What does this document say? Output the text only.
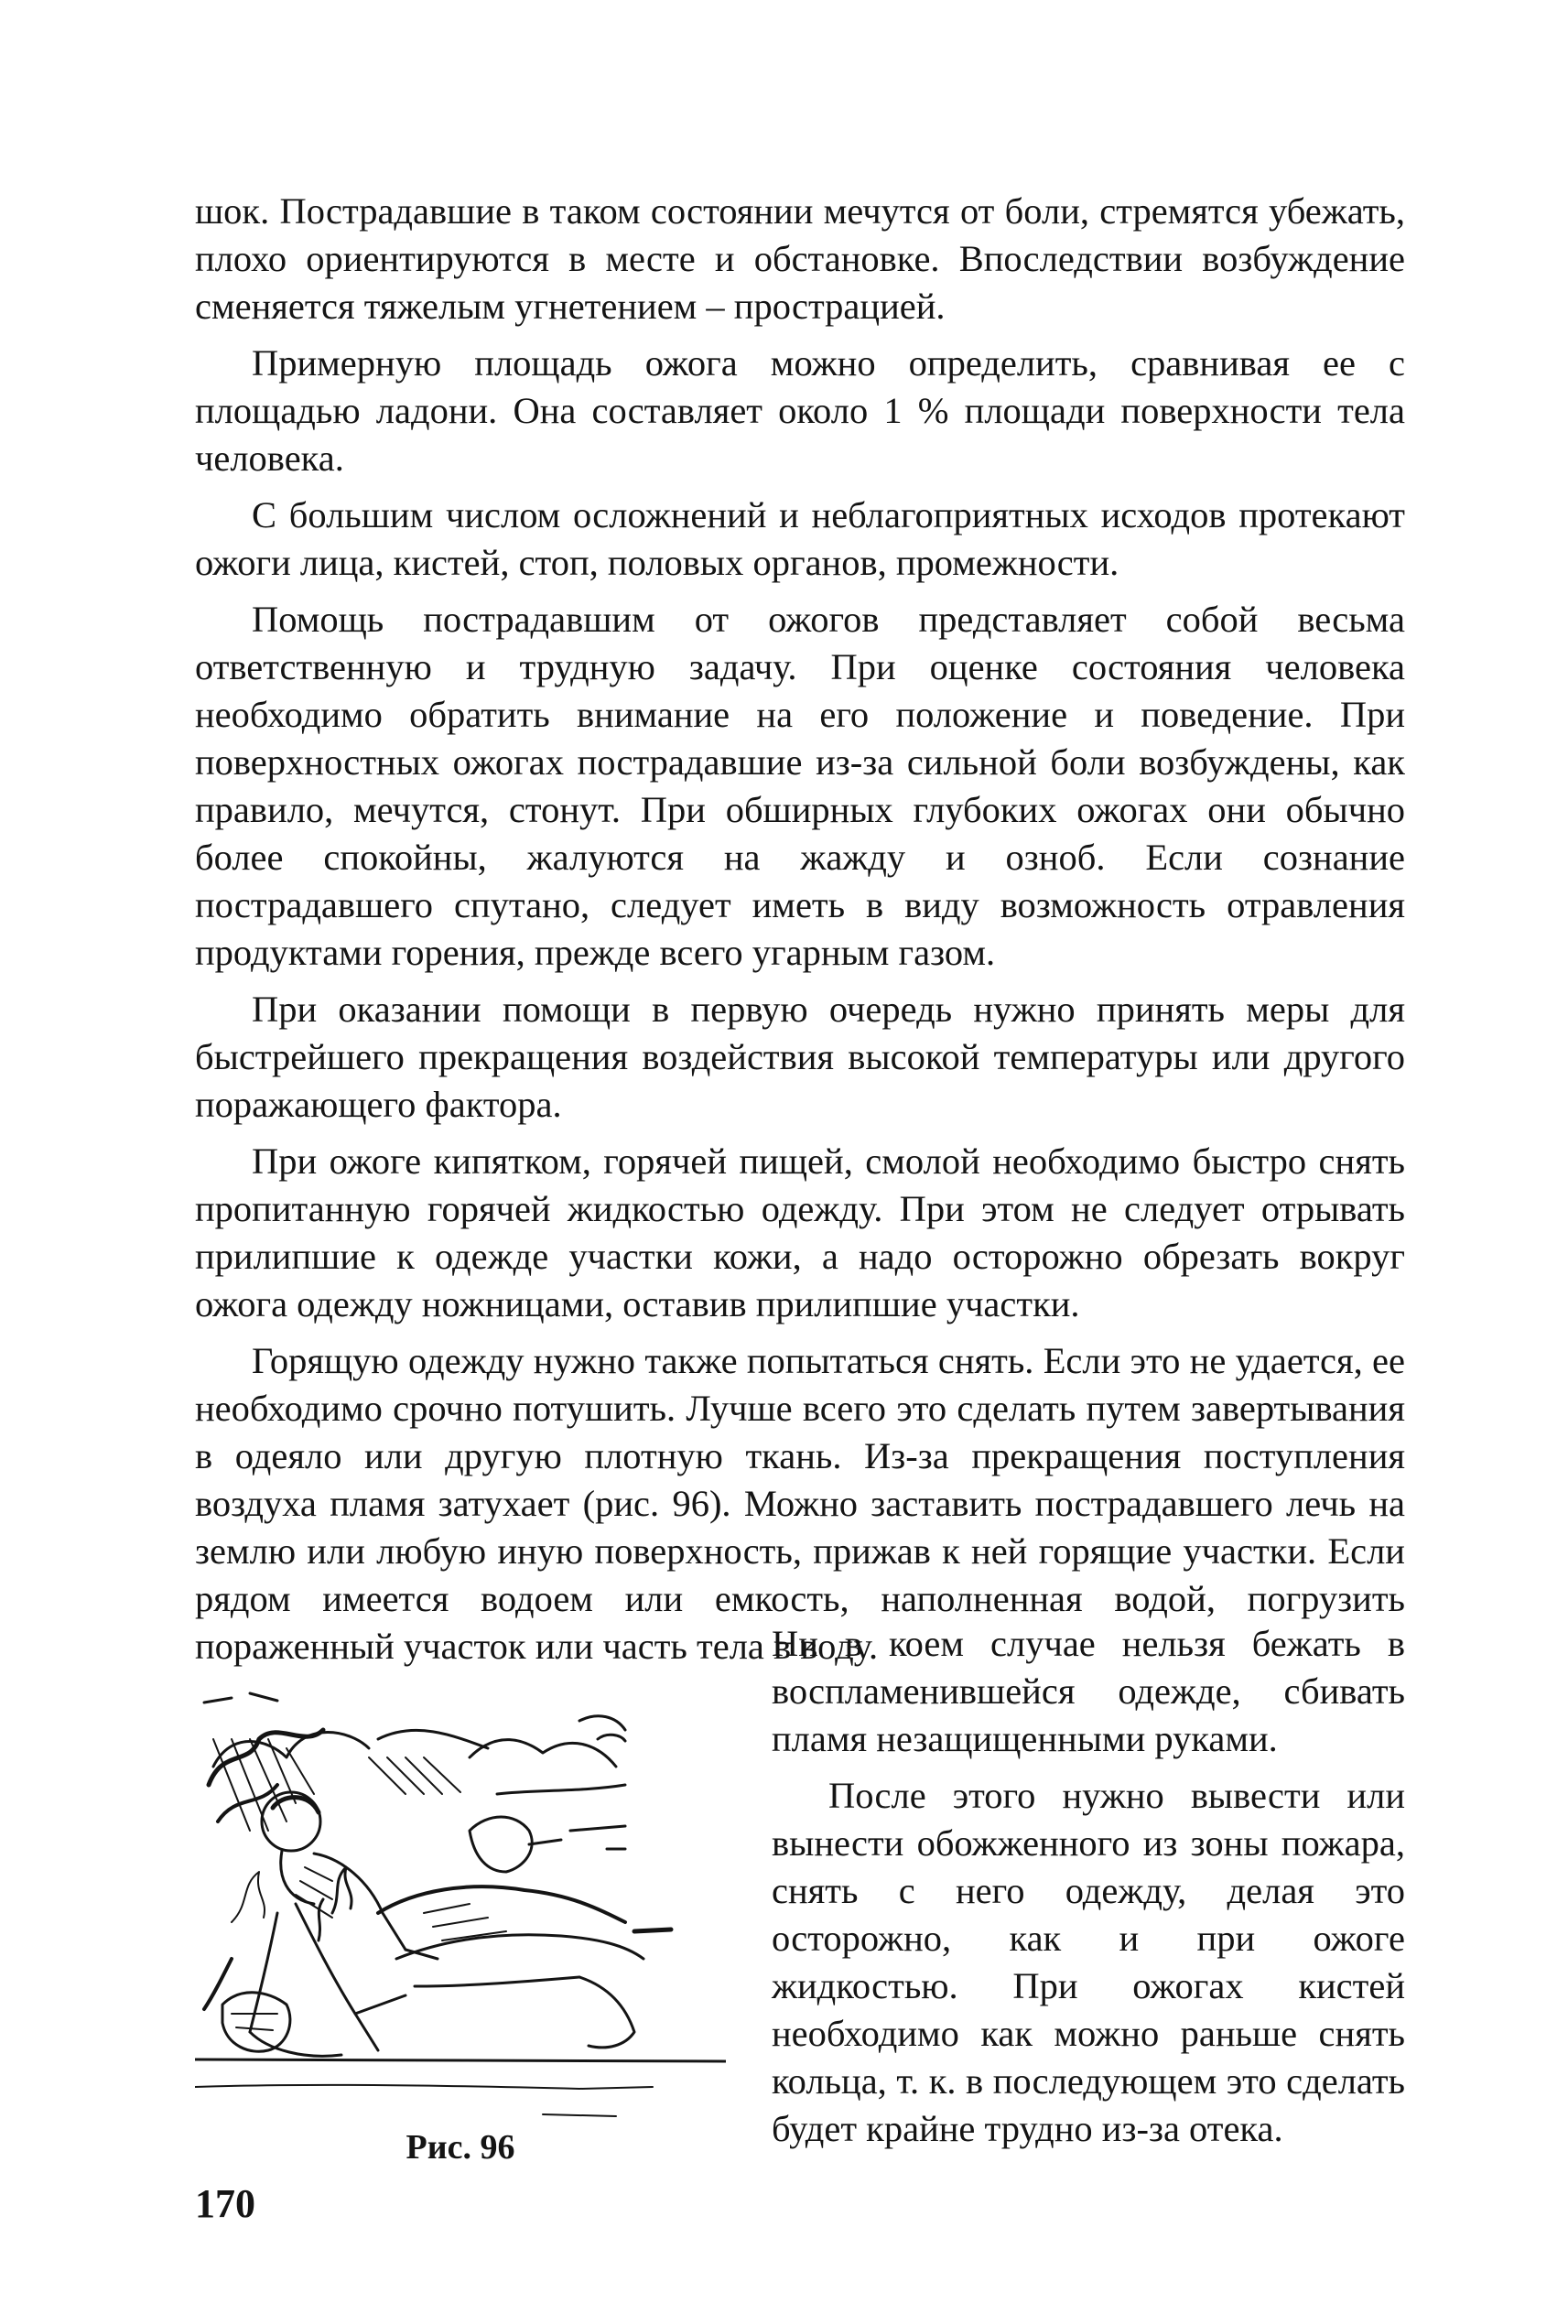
шок. Пострадавшие в таком состоянии мечутся от боли, стремятся убежать, плохо ориентируются в месте и обстановке. Впоследствии возбуждение сменяется тяжелым угнетением – прострацией.

Примерную площадь ожога можно определить, сравнивая ее с площадью ладони. Она составляет около 1 % площади поверхности тела человека.

С большим числом осложнений и неблагоприятных исходов протекают ожоги лица, кистей, стоп, половых органов, промежности.

Помощь пострадавшим от ожогов представляет собой весьма ответственную и трудную задачу. При оценке состояния человека необходимо обратить внимание на его положение и поведение. При поверхностных ожогах пострадавшие из-за сильной боли возбуждены, как правило, мечутся, стонут. При обширных глубоких ожогах они обычно более спокойны, жалуются на жажду и озноб. Если сознание пострадавшего спутано, следует иметь в виду возможность отравления продуктами горения, прежде всего угарным газом.

При оказании помощи в первую очередь нужно принять меры для быстрейшего прекращения воздействия высокой температуры или другого поражающего фактора.

При ожоге кипятком, горячей пищей, смолой необходимо быстро снять пропитанную горячей жидкостью одежду. При этом не следует отрывать прилипшие к одежде участки кожи, а надо осторожно обрезать вокруг ожога одежду ножницами, оставив прилипшие участки.

Горящую одежду нужно также попытаться снять. Если это не удается, ее необходимо срочно потушить. Лучше всего это сделать путем завертывания в одеяло или другую плотную ткань. Из-за прекращения поступления воздуха пламя затухает (рис. 96). Можно заставить пострадавшего лечь на землю или любую иную поверхность, прижав к ней горящие участки. Если рядом имеется водоем или емкость, наполненная водой, погрузить пораженный участок или часть тела в воду.

Рис. 96

Ни в коем случае нельзя бежать в воспламенившейся одежде, сбивать пламя незащищенными руками.

После этого нужно вывести или вынести обожженного из зоны пожара, снять с него одежду, делая это осторожно, как и при ожоге жидкостью. При ожогах кистей необходимо как можно раньше снять кольца, т. к. в последующем это сделать будет крайне трудно из-за отека.

170
